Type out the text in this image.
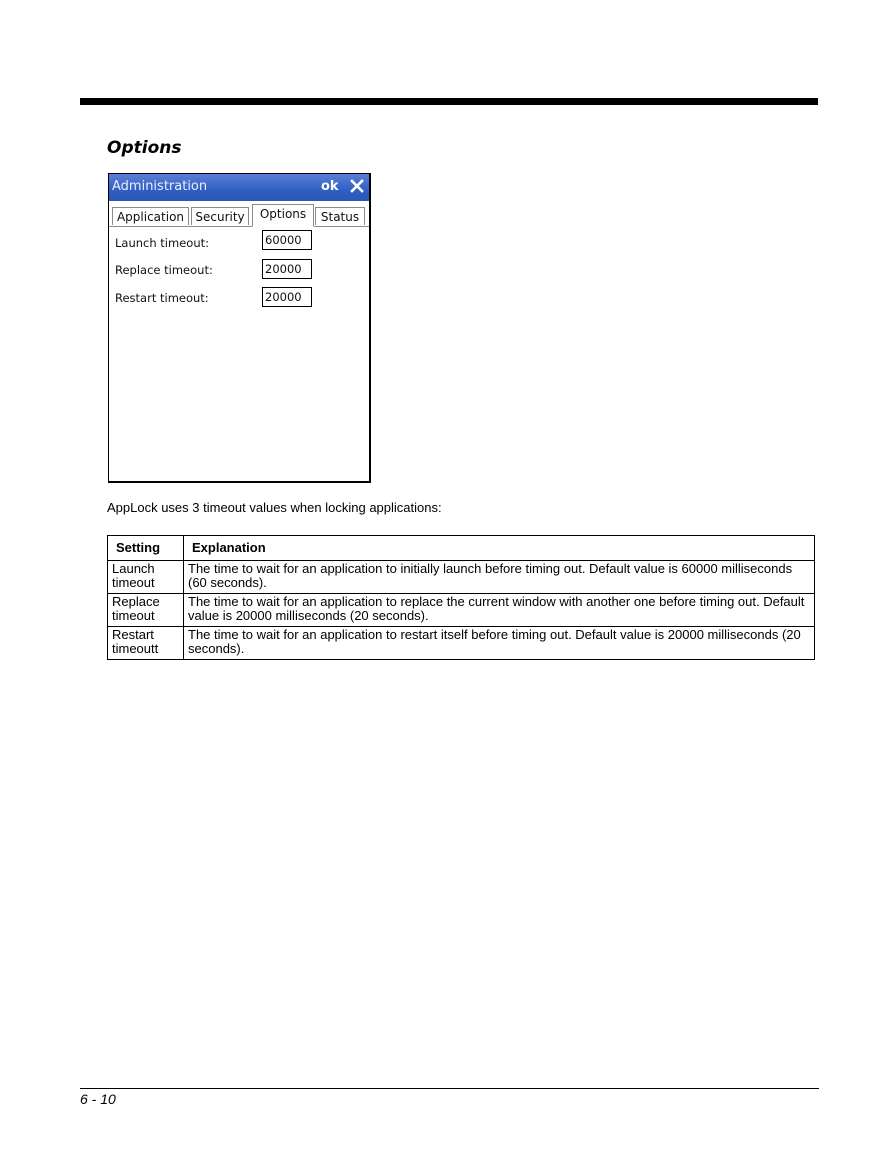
Options
Administration	ok
Application Security	Options	Status
Launch timeout:	60000
Replace timeout:	20000
Restart timeout:	20000

AppLock uses 3 timeout values when locking applications:

Setting	Explanation
Launch timeout	The time to wait for an application to initially launch before timing out. Default value is 60000 milliseconds (60 seconds).
Replace timeout	The time to wait for an application to replace the current window with another one before timing out. Default value is 20000 milliseconds (20 seconds).
Restart timeoutt	The time to wait for an application to restart itself before timing out. Default value is 20000 milliseconds (20 seconds).
6 - 10
